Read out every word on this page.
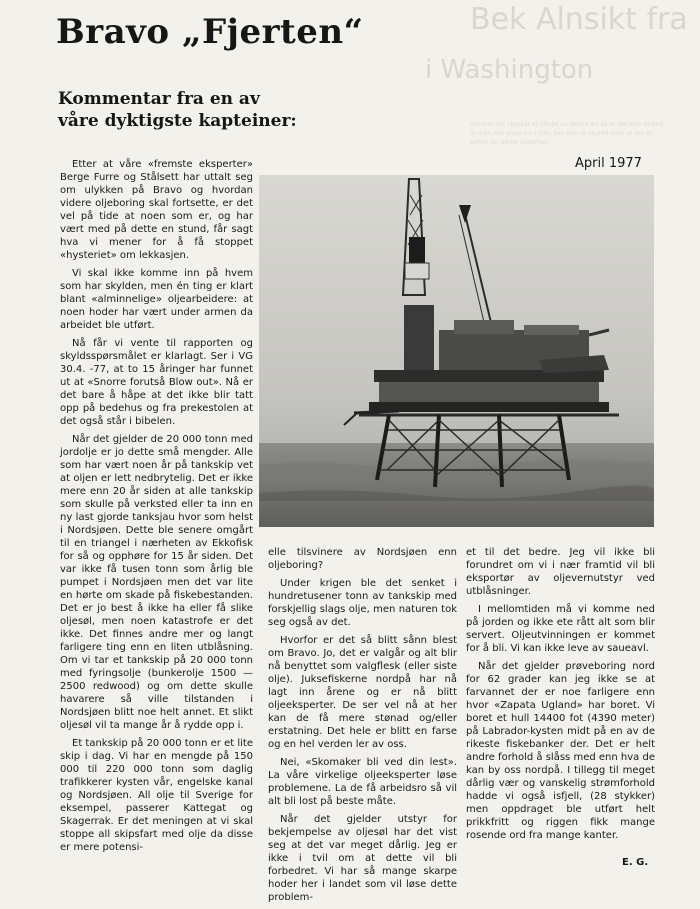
Bek Alnsikt fra
i Washington
Dersom det oppstår et tilfelle av denne art så er det ikke sikkert at man kan gripe inn i tide. Det som er skjedd viser at det er behov for bedre sikkerhet.
Bravo „Fjerten“
Kommentar fra en av
våre dyktigste kapteiner:
April 1977

Etter at våre «fremste eksperter» Berge Furre og Stålsett har uttalt seg om ulykken på Bravo og hvordan videre oljeboring skal fortsette, er det vel på tide at noen som er, og har vært med på dette en stund, får sagt hva vi mener for å få stoppet «hysteriet» om lekkasjen.

Vi skal ikke komme inn på hvem som har skylden, men én ting er klart blant «alminnelige» oljearbeidere: at noen hoder har vært under armen da arbeidet ble utført.

Nå får vi vente til rapporten og skyldsspørsmålet er klarlagt. Ser i VG 30.4. -77, at to 15 åringer har funnet ut at «Snorre forutså Blow out». Nå er det bare å håpe at det ikke blir tatt opp på bedehus og fra prekestolen at det også står i bibelen.

Når det gjelder de 20 000 tonn med jordolje er jo dette små mengder. Alle som har vært noen år på tankskip vet at oljen er lett nedbrytelig. Det er ikke mere enn 20 år siden at alle tankskip som skulle på verksted eller ta inn en ny last gjorde tanksjau hvor som helst i Nordsjøen. Dette ble senere omgårt til en triangel i nærheten av Ekkofisk for så og opphøre for 15 år siden. Det var ikke få tusen tonn som årlig ble pumpet i Nordsjøen men det var lite en hørte om skade på fiskebestanden. Det er jo best å ikke ha eller få slike oljesøl, men noen katastrofe er det ikke. Det finnes andre mer og langt farligere ting enn en liten utblåsning. Om vi tar et tankskip på 20 000 tonn med fyringsolje (bunkerolje 1500 — 2500 redwood) og om dette skulle havarere så ville tilstanden i Nordsjøen blitt noe helt annet. Et slikt oljesøl vil ta mange år å rydde opp i.

Et tankskip på 20 000 tonn er et lite skip i dag. Vi har en mengde på 150 000 til 220 000 tonn som daglig trafikkerer kysten vår, engelske kanal og Nordsjøen. All olje til Sverige for eksempel, passerer Kattegat og Skagerrak. Er det meningen at vi skal stoppe all skipsfart med olje da disse er mere potensi-

elle tilsvinere av Nordsjøen enn oljeboring?

Under krigen ble det senket i hundretusener tonn av tankskip med forskjellig slags olje, men naturen tok seg også av det.

Hvorfor er det så blitt sånn blest om Bravo. Jo, det er valgår og alt blir nå benyttet som valgflesk (eller siste olje). Juksefiskerne nordpå har nå lagt inn årene og er nå blitt oljeeksperter. De ser vel nå at her kan de få mere stønad og/eller erstatning. Det hele er blitt en farse og en hel verden ler av oss.

Nei, «Skomaker bli ved din lest». La våre virkelige oljeeksperter løse problemene. La de få arbeidsro så vil alt bli lost på beste måte.

Når det gjelder utstyr for bekjempelse av oljesøl har det vist seg at det var meget dårlig. Jeg er ikke i tvil om at dette vil bli forbedret. Vi har så mange skarpe hoder her i landet som vil løse dette problem-

et til det bedre. Jeg vil ikke bli forundret om vi i nær framtid vil bli eksportør av oljevernutstyr ved utblåsninger.

I mellomtiden må vi komme ned på jorden og ikke ete rått alt som blir servert. Oljeutvinningen er kommet for å bli. Vi kan ikke leve av saueavl.

Når det gjelder prøveboring nord for 62 grader kan jeg ikke se at farvannet der er noe farligere enn hvor «Zapata Ugland» har boret. Vi boret et hull 14400 fot (4390 meter) på Labrador-kysten midt på en av de rikeste fiskebanker der. Det er helt andre forhold å slåss med enn hva de kan by oss nordpå. I tillegg til meget dårlig vær og vanskelig strømforhold hadde vi også isfjell, (28 stykker) men oppdraget ble utført helt prikkfritt og riggen fikk mange rosende ord fra mange kanter.

E. G.
